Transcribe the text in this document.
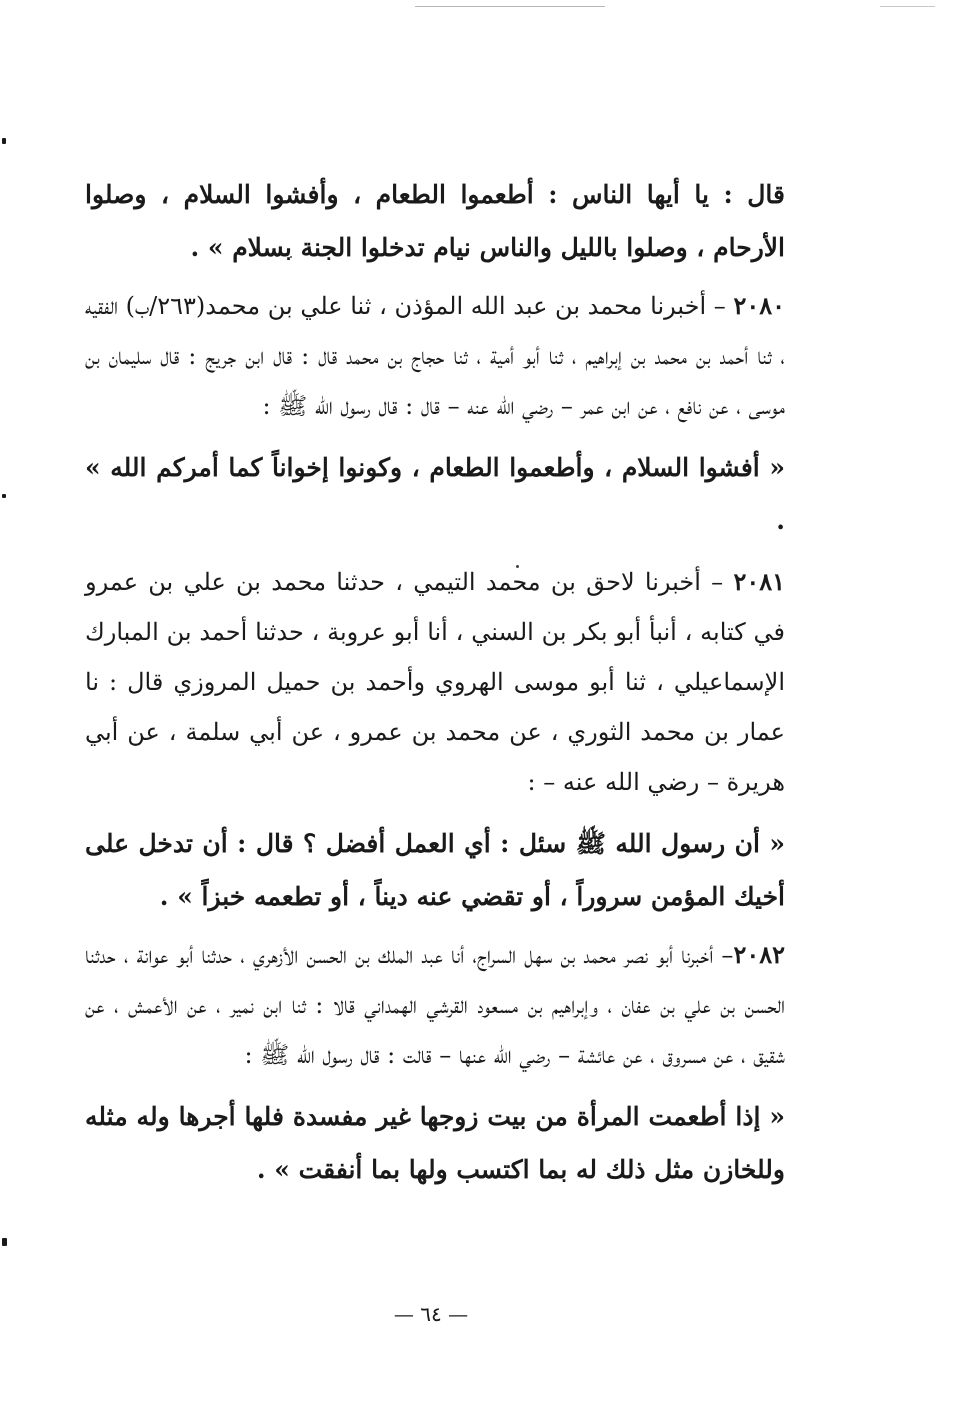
قال : يا أيها الناس : أطعموا الطعام ، وأفشوا السلام ، وصلوا الأرحام ، وصلوا بالليل والناس نيام تدخلوا الجنة بسلام » .

٢٠٨٠ – أخبرنا محمد بن عبد الله المؤذن ، ثنا علي بن محمد(٢٦٣/ب) الفقيه ، ثنا أحمد بن محمد بن إبراهيم ، ثنا أبو أمية ، ثنا حجاج بن محمد قال : قال ابن جريج : قال سليمان بن موسى ، عن نافع ، عن ابن عمر – رضي الله عنه – قال : قال رسول الله ﷺ :

« أفشوا السلام ، وأطعموا الطعام ، وكونوا إخواناً كما أمركم الله » .

٢٠٨١ – أخبرنا لاحق بن محمد التيمي ، حدثنا محمد بن علي بن عمرو في كتابه ، أنبأ أبو بكر بن السني ، أنا أبو عروبة ، حدثنا أحمد بن المبارك الإسماعيلي ، ثنا أبو موسى الهروي وأحمد بن حميل المروزي قال : نا عمار بن محمد الثوري ، عن محمد بن عمرو ، عن أبي سلمة ، عن أبي هريرة – رضي الله عنه – :

« أن رسول الله ﷺ سئل : أي العمل أفضل ؟ قال : أن تدخل على أخيك المؤمن سروراً ، أو تقضي عنه ديناً ، أو تطعمه خبزاً » .

٢٠٨٢– أخبرنا أبو نصر محمد بن سهل السراج، أنا عبد الملك بن الحسن الأزهري ، حدثنا أبو عوانة ، حدثنا الحسن بن علي بن عفان ، وإبراهيم بن مسعود القرشي الهمداني قالا : ثنا ابن نمير ، عن الأعمش ، عن شقيق ، عن مسروق ، عن عائشة – رضي الله عنها – قالت : قال رسول الله ﷺ :

« إذا أطعمت المرأة من بيت زوجها غير مفسدة فلها أجرها وله مثله وللخازن مثل ذلك له بما اكتسب ولها بما أنفقت » .

— ٦٤ —
